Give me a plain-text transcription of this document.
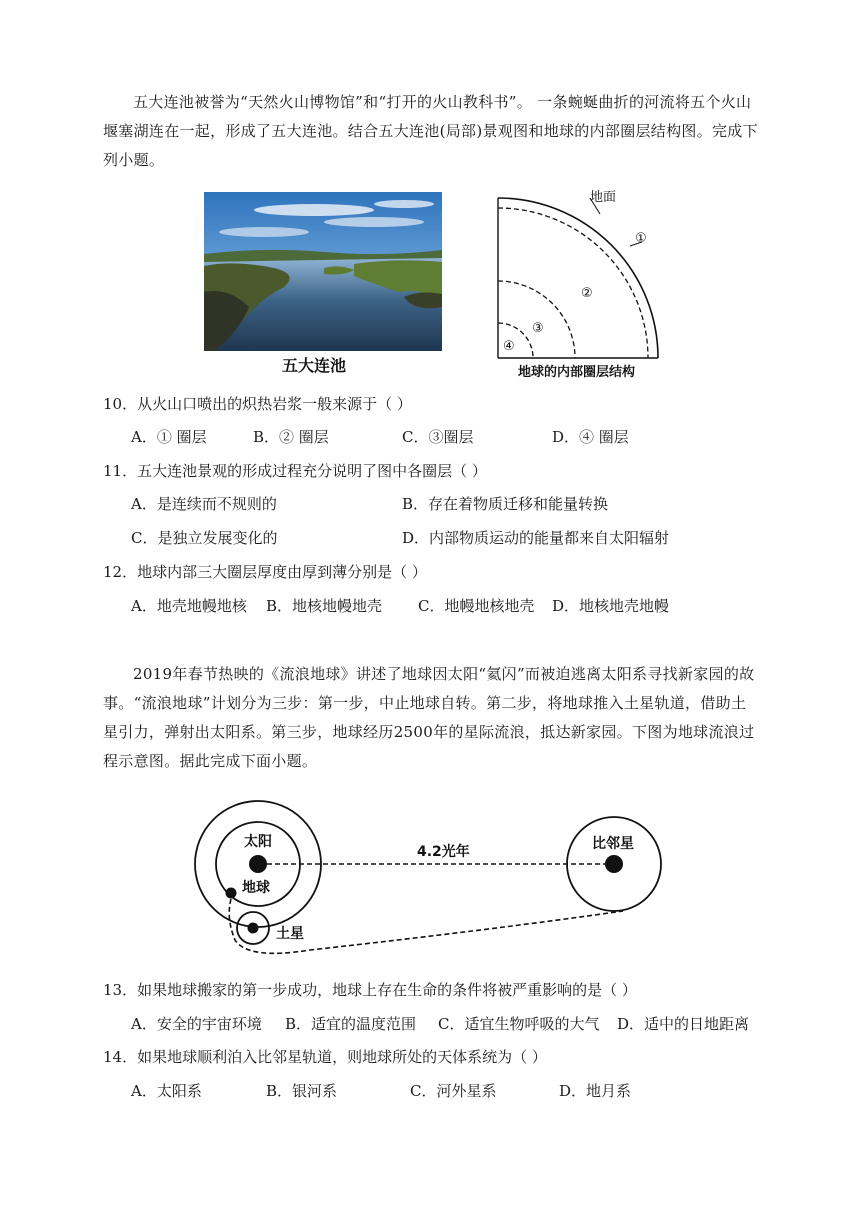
五大连池被誉为“天然火山博物馆”和“打开的火山教科书”。 一条蜿蜒曲折的河流将五个火山堰塞湖连在一起，形成了五大连池。结合五大连池(局部)景观图和地球的内部圈层结构图。完成下列小题。

五大连池
地面
①
②
③
④
地球的内部圈层结构

10．从火山口喷出的炽热岩浆一般来源于（ ）

A．① 圈层	B．② 圈层	C．③圈层	D．④ 圈层

11．五大连池景观的形成过程充分说明了图中各圈层（ ）

A．是连续而不规则的	B．存在着物质迁移和能量转换
C．是独立发展变化的	D．内部物质运动的能量都来自太阳辐射

12．地球内部三大圈层厚度由厚到薄分别是（ ）

A．地壳地幔地核 B．地核地幔地壳 C．地幔地核地壳 D．地核地壳地幔

2019年春节热映的《流浪地球》讲述了地球因太阳“氦闪”而被迫逃离太阳系寻找新家园的故事。“流浪地球”计划分为三步：第一步，中止地球自转。第二步，将地球推入土星轨道，借助土星引力，弹射出太阳系。第三步，地球经历2500年的星际流浪，抵达新家园。下图为地球流浪过程示意图。据此完成下面小题。

太阳
地球
土星
比邻星
4.2光年

13．如果地球搬家的第一步成功，地球上存在生命的条件将被严重影响的是（ ）

A．安全的宇宙环境 B．适宜的温度范围 C．适宜生物呼吸的大气 D．适中的日地距离

14．如果地球顺利泊入比邻星轨道，则地球所处的天体系统为（ ）

A．太阳系	B．银河系	C．河外星系	D．地月系
